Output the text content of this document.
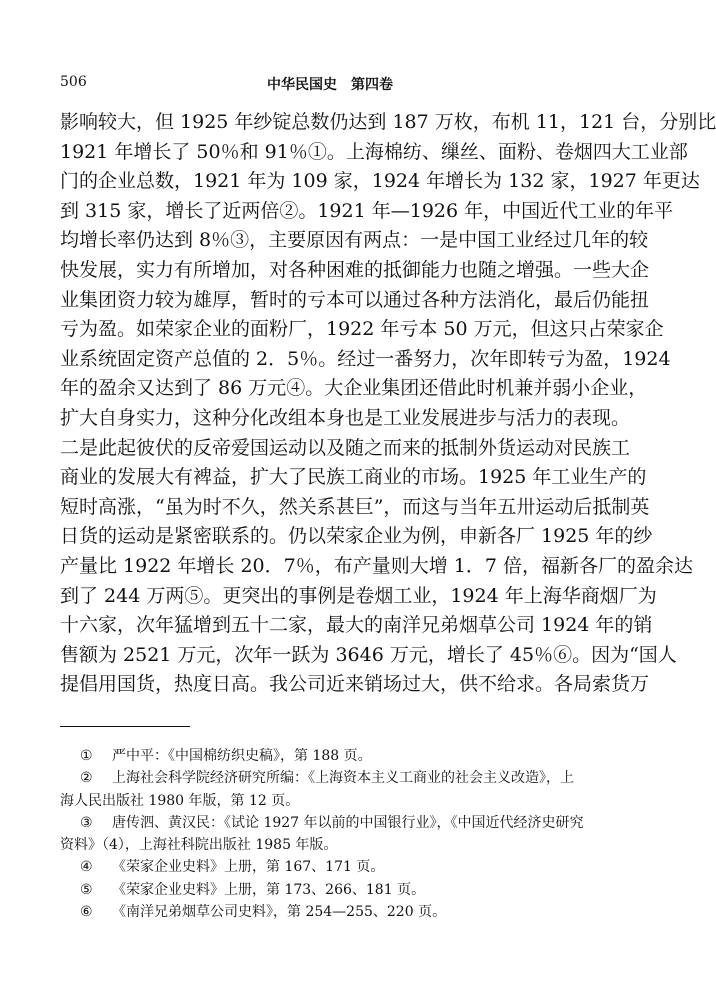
506	中华民国史　第四卷
影响较大，但 1925 年纱锭总数仍达到 187 万枚，布机 11，121 台，分别比
1921 年增长了 50％和 91％①。上海棉纺、缫丝、面粉、卷烟四大工业部
门的企业总数，1921 年为 109 家，1924 年增长为 132 家，1927 年更达
到 315 家，增长了近两倍②。1921 年—1926 年，中国近代工业的年平
均增长率仍达到 8％③，主要原因有两点：一是中国工业经过几年的较
快发展，实力有所增加，对各种困难的抵御能力也随之增强。一些大企
业集团资力较为雄厚，暂时的亏本可以通过各种方法消化，最后仍能扭
亏为盈。如荣家企业的面粉厂，1922 年亏本 50 万元，但这只占荣家企
业系统固定资产总值的 2．5％。经过一番努力，次年即转亏为盈，1924
年的盈余又达到了 86 万元④。大企业集团还借此时机兼并弱小企业，
扩大自身实力，这种分化改组本身也是工业发展进步与活力的表现。
二是此起彼伏的反帝爱国运动以及随之而来的抵制外货运动对民族工
商业的发展大有裨益，扩大了民族工商业的市场。1925 年工业生产的
短时高涨，“虽为时不久，然关系甚巨”，而这与当年五卅运动后抵制英
日货的运动是紧密联系的。仍以荣家企业为例，申新各厂 1925 年的纱
产量比 1922 年增长 20．7％，布产量则大增 1．7 倍，福新各厂的盈余达
到了 244 万两⑤。更突出的事例是卷烟工业，1924 年上海华商烟厂为
十六家，次年猛增到五十二家，最大的南洋兄弟烟草公司 1924 年的销
售额为 2521 万元，次年一跃为 3646 万元，增长了 45％⑥。因为“国人
提倡用国货，热度日高。我公司近来销场过大，供不给求。各局索货万
① 严中平：《中国棉纺织史稿》，第 188 页。
② 上海社会科学院经济研究所编：《上海资本主义工商业的社会主义改造》，上
海人民出版社 1980 年版，第 12 页。
③ 唐传泗、黄汉民：《试论 1927 年以前的中国银行业》，《中国近代经济史研究
资料》（4），上海社科院出版社 1985 年版。
④ 《荣家企业史料》上册，第 167、171 页。
⑤ 《荣家企业史料》上册，第 173、266、181 页。
⑥ 《南洋兄弟烟草公司史料》，第 254—255、220 页。
